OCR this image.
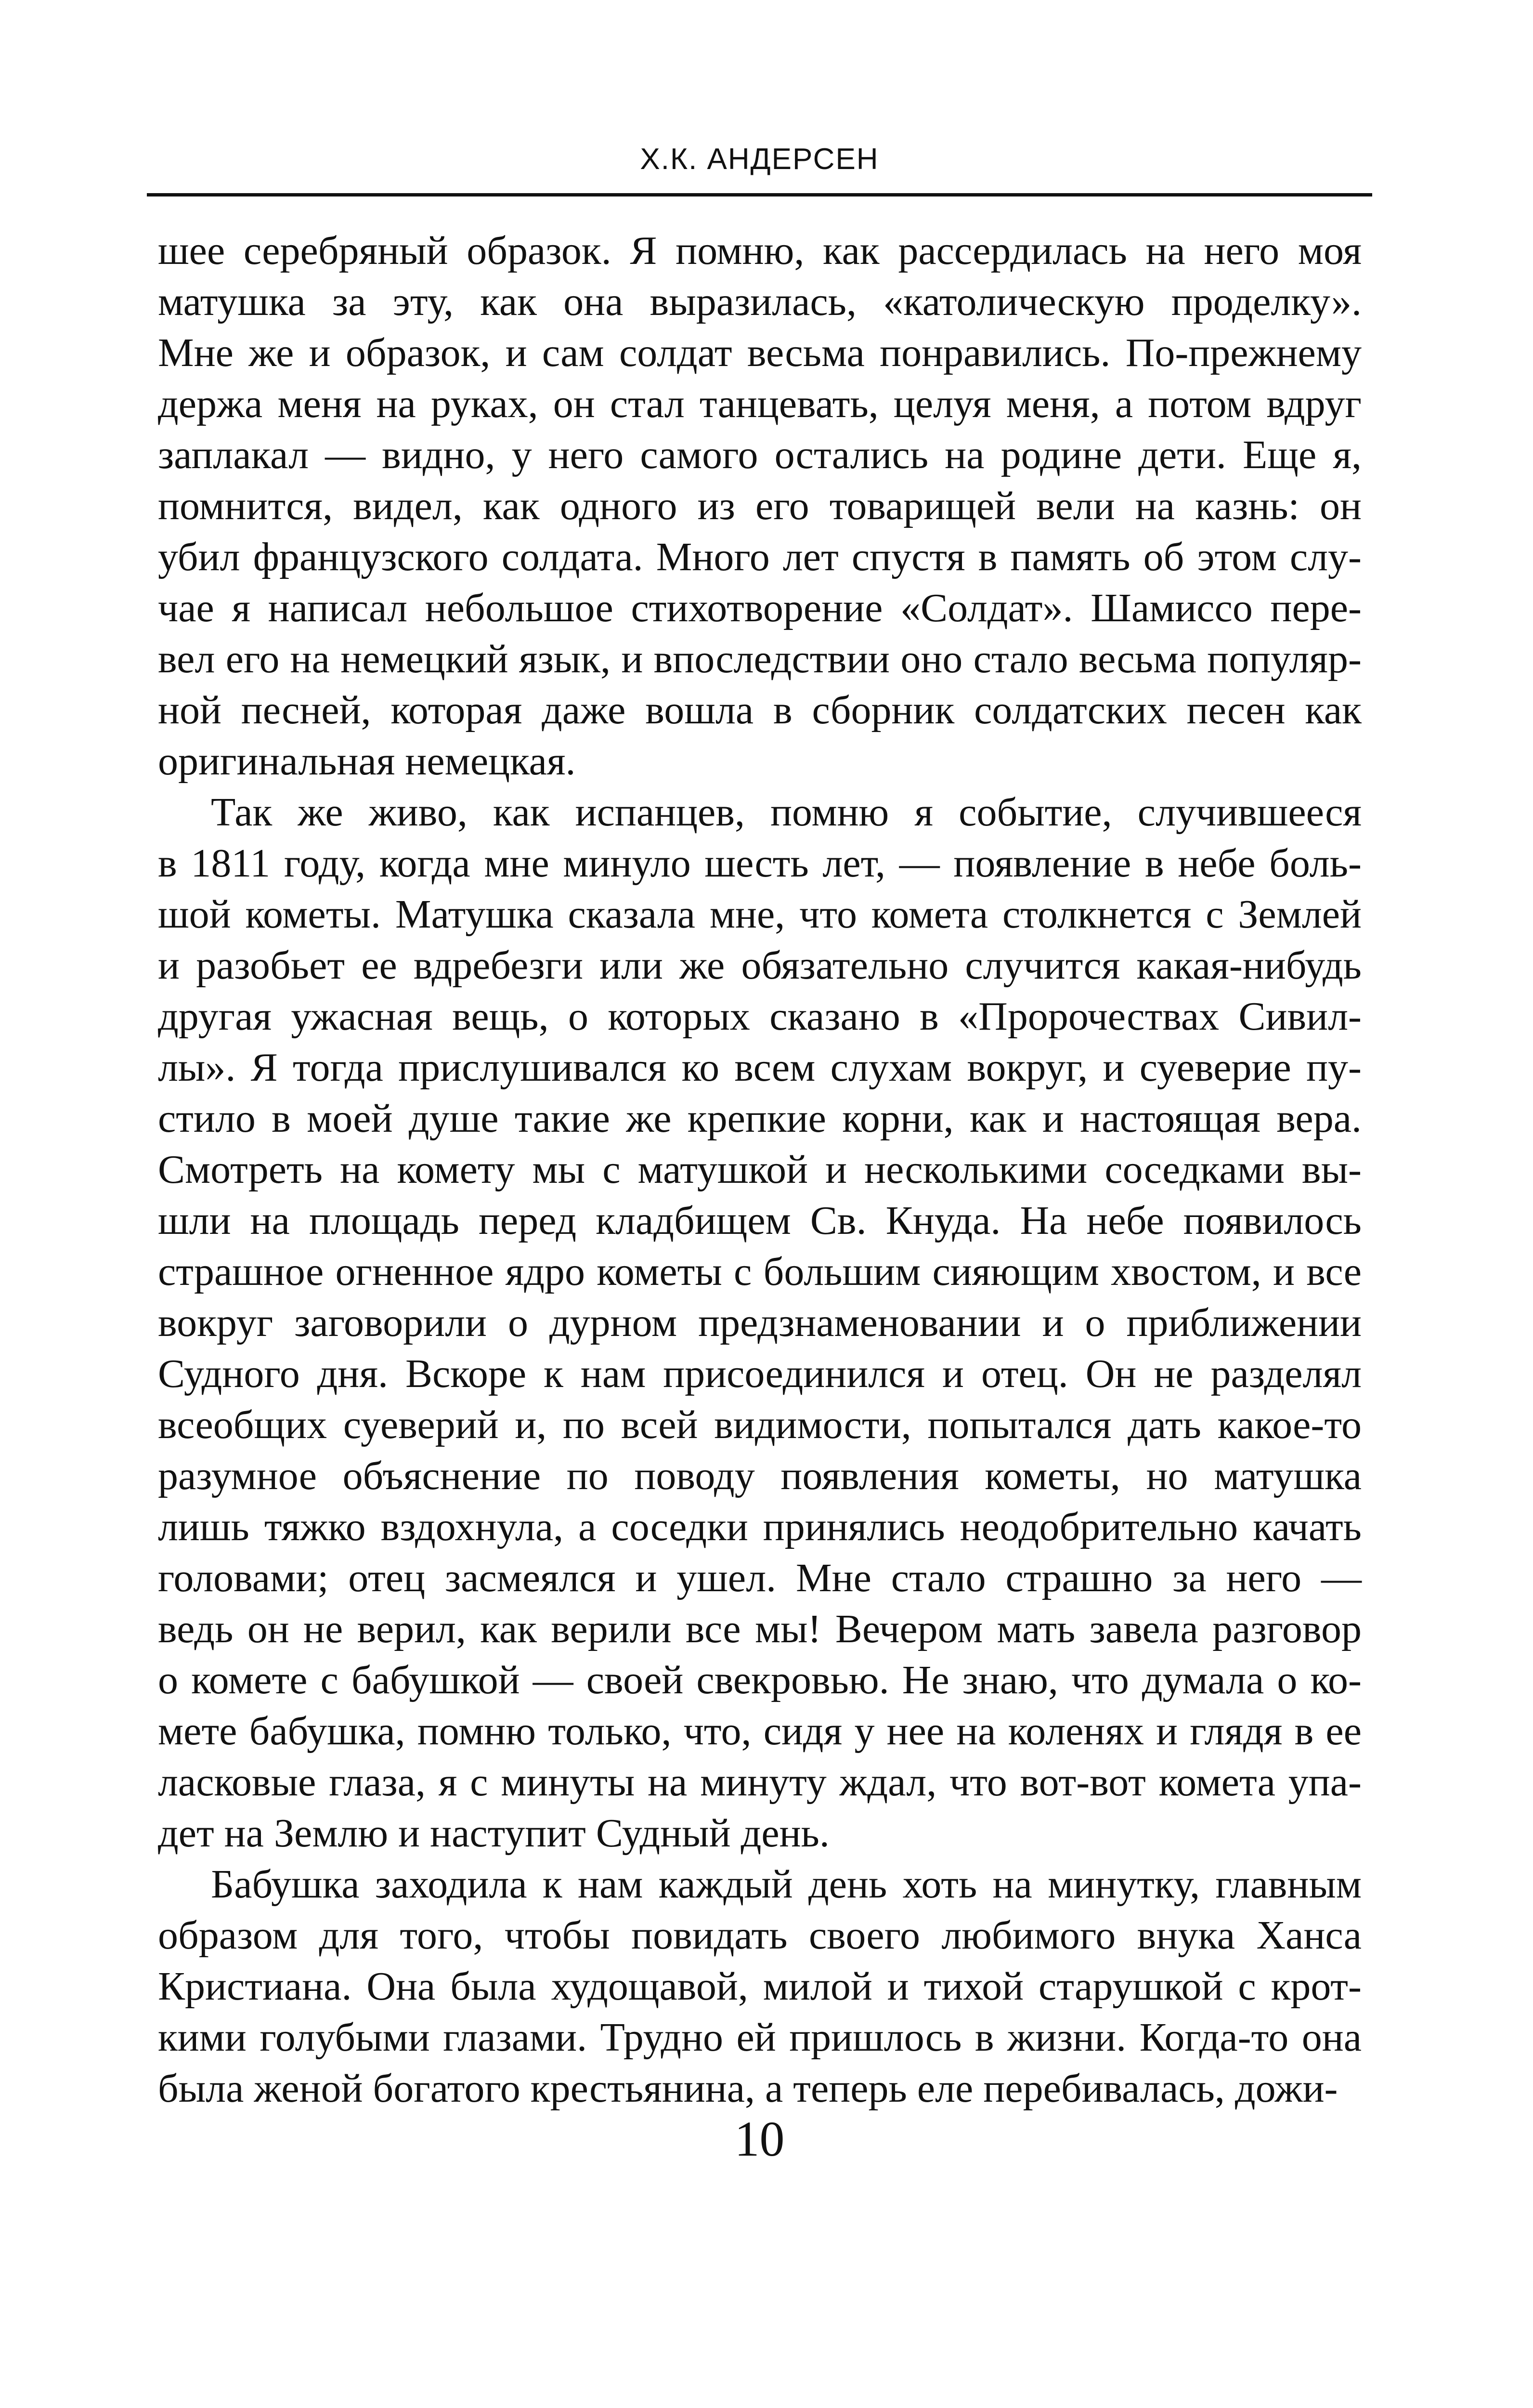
Х.К. АНДЕРСЕН
шее серебряный образок. Я помню, как рассердилась на него моя
матушка за эту, как она выразилась, «католическую проделку».
Мне же и образок, и сам солдат весьма понравились. По-прежнему
держа меня на руках, он стал танцевать, целуя меня, а потом вдруг
заплакал — видно, у него самого остались на родине дети. Еще я,
помнится, видел, как одного из его товарищей вели на казнь: он
убил французского солдата. Много лет спустя в память об этом слу-
чае я написал небольшое стихотворение «Солдат». Шамиссо пере-
вел его на немецкий язык, и впоследствии оно стало весьма популяр-
ной песней, которая даже вошла в сборник солдатских песен как
оригинальная немецкая.
Так же живо, как испанцев, помню я событие, случившееся
в 1811 году, когда мне минуло шесть лет, — появление в небе боль-
шой кометы. Матушка сказала мне, что комета столкнется с Землей
и разобьет ее вдребезги или же обязательно случится какая-нибудь
другая ужасная вещь, о которых сказано в «Пророчествах Сивил-
лы». Я тогда прислушивался ко всем слухам вокруг, и суеверие пу-
стило в моей душе такие же крепкие корни, как и настоящая вера.
Смотреть на комету мы с матушкой и несколькими соседками вы-
шли на площадь перед кладбищем Св. Кнуда. На небе появилось
страшное огненное ядро кометы с большим сияющим хвостом, и все
вокруг заговорили о дурном предзнаменовании и о приближении
Судного дня. Вскоре к нам присоединился и отец. Он не разделял
всеобщих суеверий и, по всей видимости, попытался дать какое-то
разумное объяснение по поводу появления кометы, но матушка
лишь тяжко вздохнула, а соседки принялись неодобрительно качать
головами; отец засмеялся и ушел. Мне стало страшно за него —
ведь он не верил, как верили все мы! Вечером мать завела разговор
о комете с бабушкой — своей свекровью. Не знаю, что думала о ко-
мете бабушка, помню только, что, сидя у нее на коленях и глядя в ее
ласковые глаза, я с минуты на минуту ждал, что вот-вот комета упа-
дет на Землю и наступит Судный день.
Бабушка заходила к нам каждый день хоть на минутку, главным
образом для того, чтобы повидать своего любимого внука Ханса
Кристиана. Она была худощавой, милой и тихой старушкой с крот-
кими голубыми глазами. Трудно ей пришлось в жизни. Когда-то она
была женой богатого крестьянина, а теперь еле перебивалась, дожи-
10
